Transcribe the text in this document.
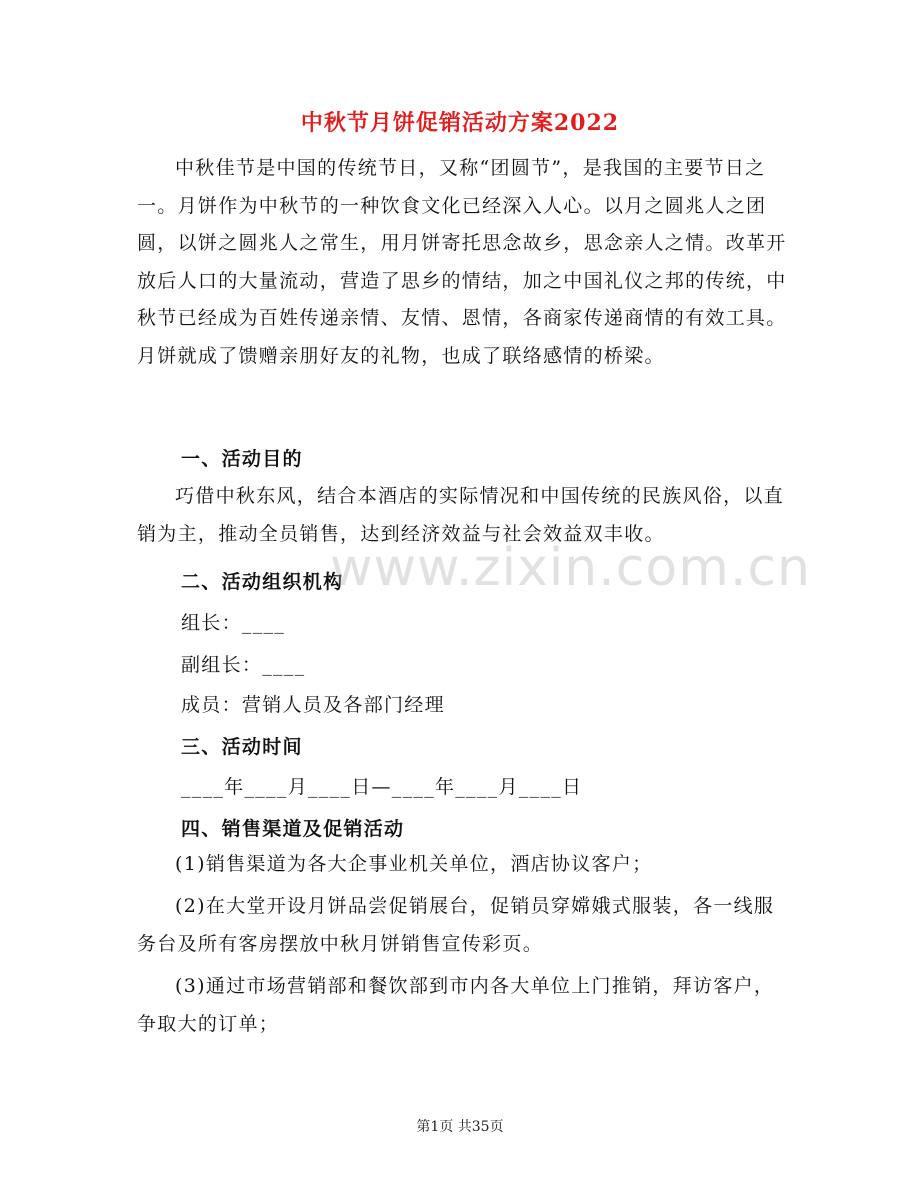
中秋节月饼促销活动方案2022
中秋佳节是中国的传统节日，又称“团圆节”，是我国的主要节日之一。月饼作为中秋节的一种饮食文化已经深入人心。以月之圆兆人之团圆，以饼之圆兆人之常生，用月饼寄托思念故乡，思念亲人之情。改革开放后人口的大量流动，营造了思乡的情结，加之中国礼仪之邦的传统，中秋节已经成为百姓传递亲情、友情、恩情，各商家传递商情的有效工具。月饼就成了馈赠亲朋好友的礼物，也成了联络感情的桥梁。
一、活动目的
巧借中秋东风，结合本酒店的实际情况和中国传统的民族风俗，以直销为主，推动全员销售，达到经济效益与社会效益双丰收。
二、活动组织机构
组长：____
副组长：____
成员：营销人员及各部门经理
三、活动时间
____年____月____日—____年____月____日
四、销售渠道及促销活动
(1)销售渠道为各大企事业机关单位，酒店协议客户；
(2)在大堂开设月饼品尝促销展台，促销员穿嫦娥式服装，各一线服务台及所有客房摆放中秋月饼销售宣传彩页。
(3)通过市场营销部和餐饮部到市内各大单位上门推销，拜访客户，争取大的订单；
www.zixin.com.cn
第1页 共35页
